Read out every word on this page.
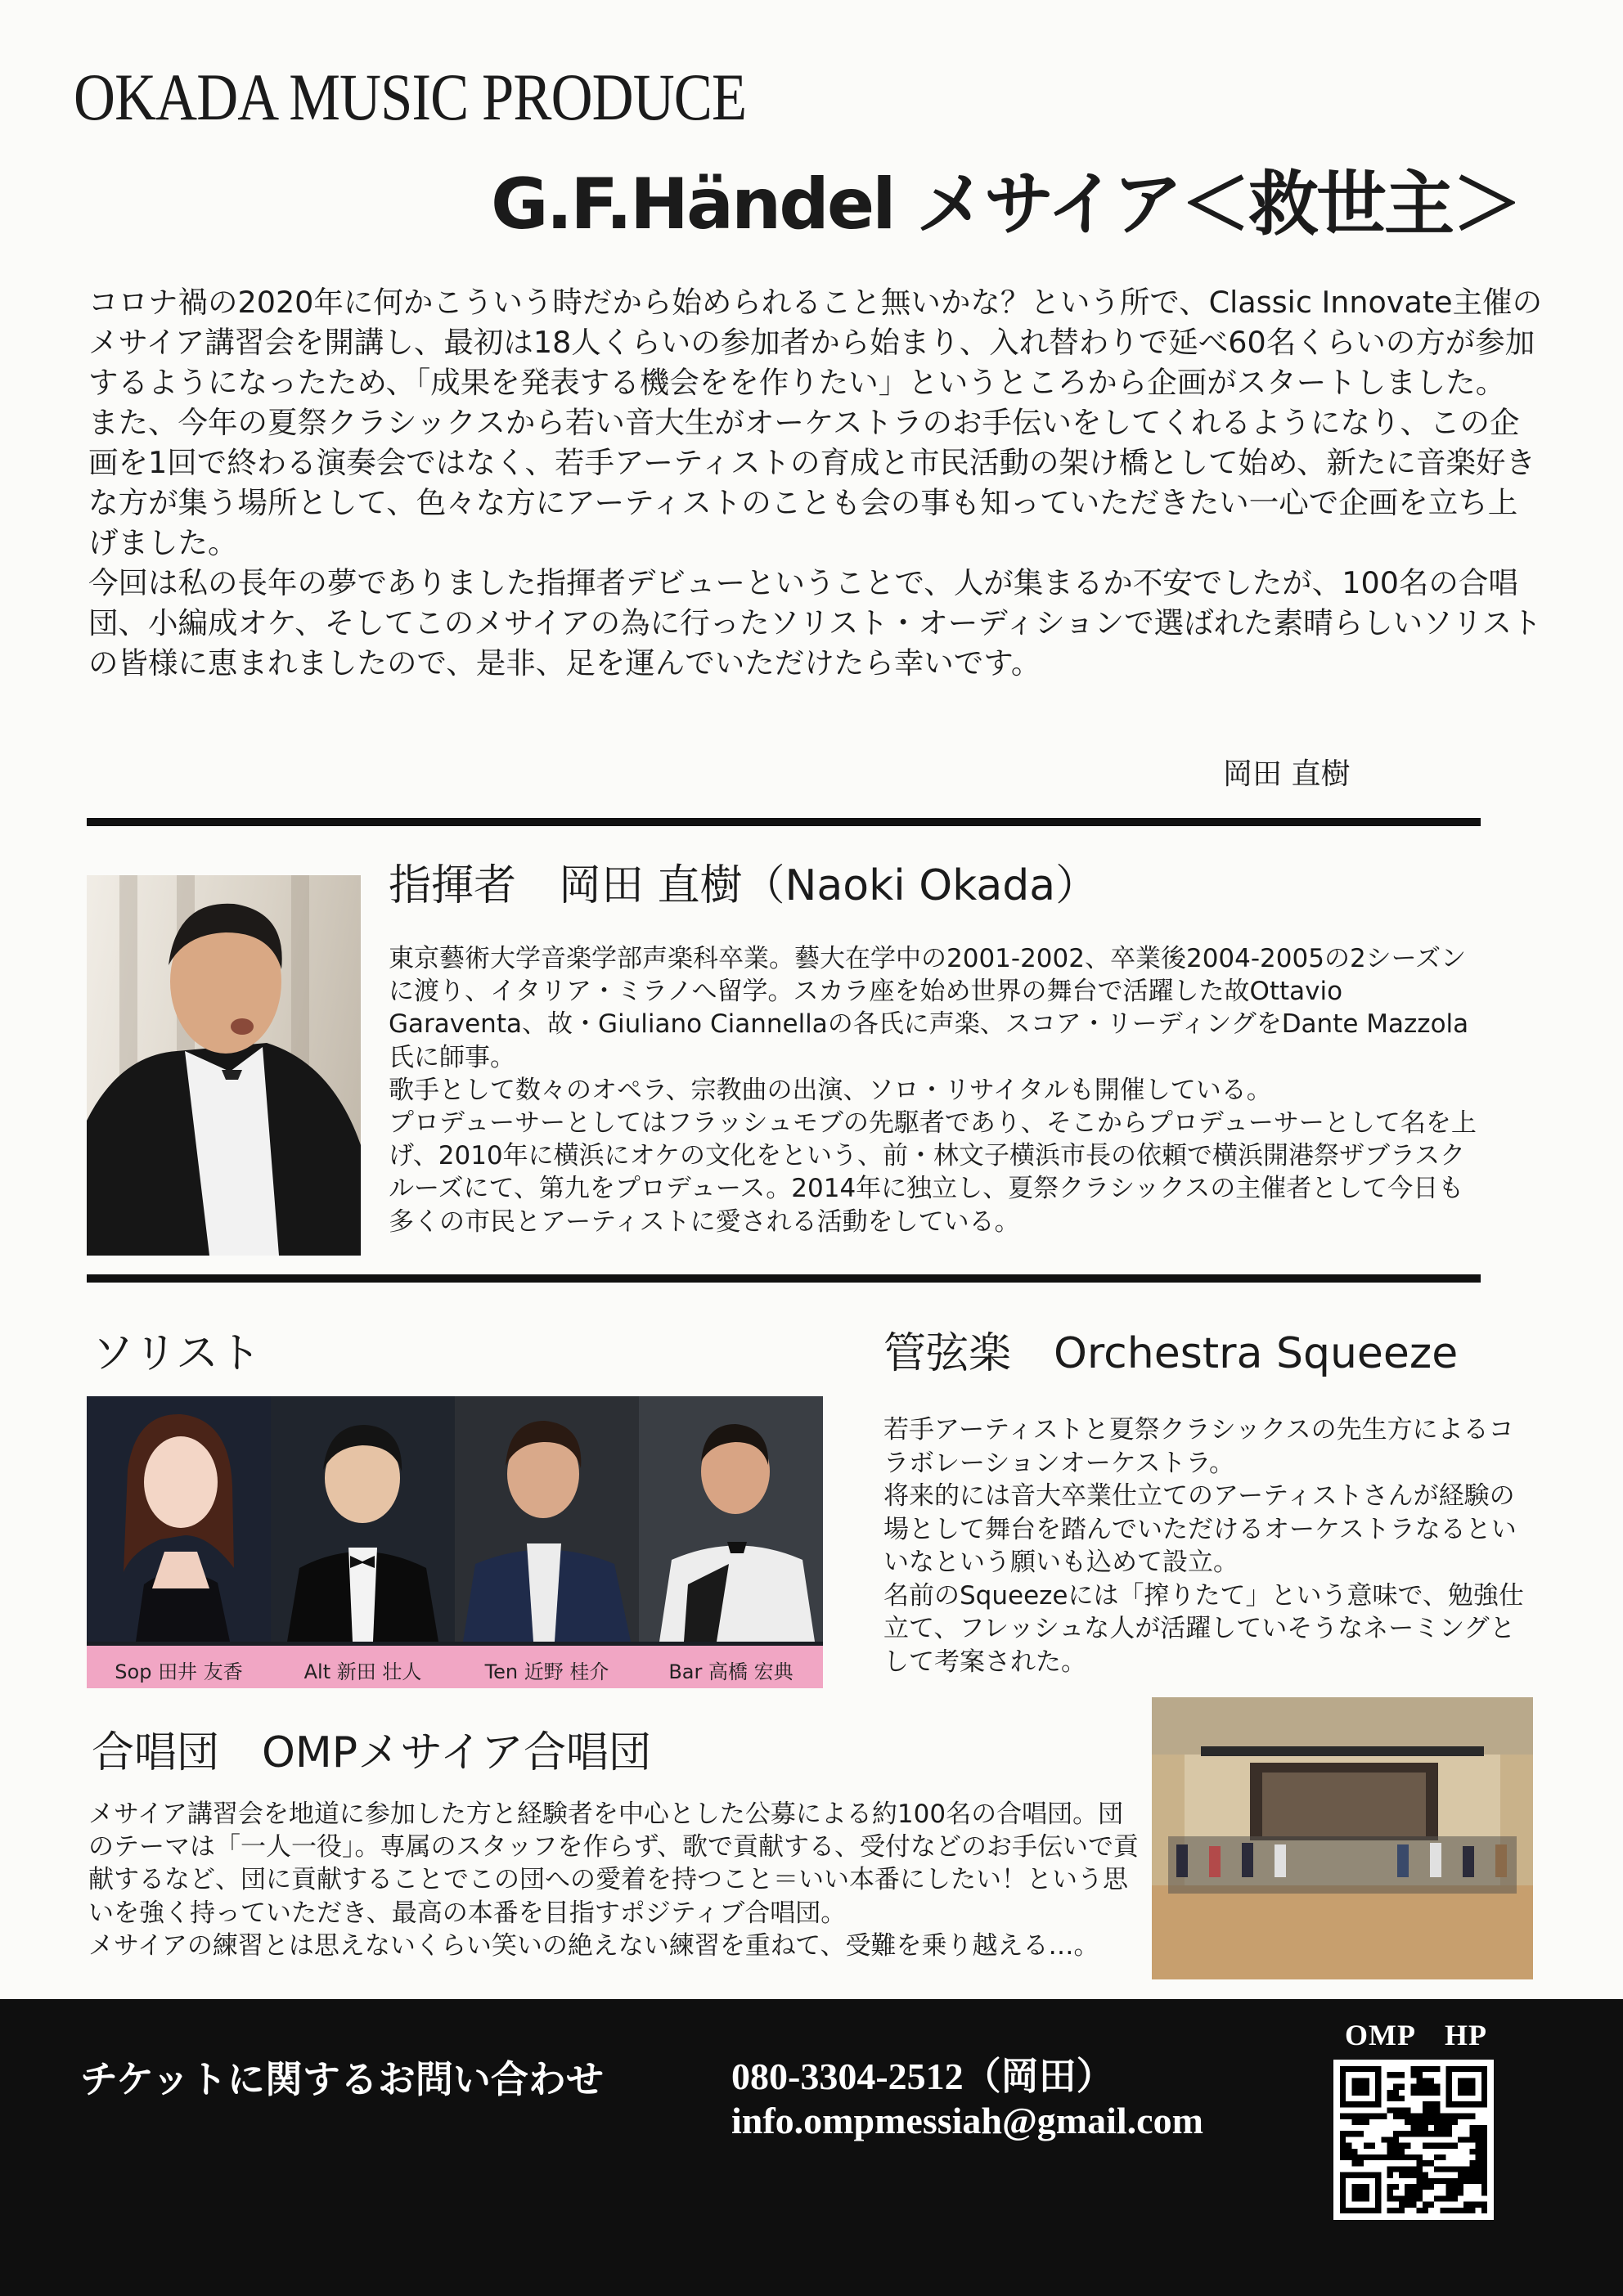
OKADA MUSIC PRODUCE
G.F.Händel メサイア＜救世主＞

コロナ禍の2020年に何かこういう時だから始められること無いかな？という所で、Classic Innovate主催のメサイア講習会を開講し、最初は18人くらいの参加者から始まり、入れ替わりで延べ60名くらいの方が参加するようになったため、「成果を発表する機会をを作りたい」というところから企画がスタートしました。

また、今年の夏祭クラシックスから若い音大生がオーケストラのお手伝いをしてくれるようになり、この企画を1回で終わる演奏会ではなく、若手アーティストの育成と市民活動の架け橋として始め、新たに音楽好きな方が集う場所として、色々な方にアーティストのことも会の事も知っていただきたい一心で企画を立ち上げました。

今回は私の長年の夢でありました指揮者デビューということで、人が集まるか不安でしたが、100名の合唱団、小編成オケ、そしてこのメサイアの為に行ったソリスト・オーディションで選ばれた素晴らしいソリストの皆様に恵まれましたので、是非、足を運んでいただけたら幸いです。

岡田 直樹
指揮者　岡田 直樹（Naoki Okada）

東京藝術大学音楽学部声楽科卒業。藝大在学中の2001-2002、卒業後2004-2005の2シーズンに渡り、イタリア・ミラノへ留学。スカラ座を始め世界の舞台で活躍した故Ottavio Garaventa、故・Giuliano Ciannellaの各氏に声楽、スコア・リーディングをDante Mazzola氏に師事。

歌手として数々のオペラ、宗教曲の出演、ソロ・リサイタルも開催している。

プロデューサーとしてはフラッシュモブの先駆者であり、そこからプロデューサーとして名を上げ、2010年に横浜にオケの文化をという、前・林文子横浜市長の依頼で横浜開港祭ザブラスクルーズにて、第九をプロデュース。2014年に独立し、夏祭クラシックスの主催者として今日も多くの市民とアーティストに愛される活動をしている。

ソリスト
Sop 田井 友香	Alt 新田 壮人	Ten 近野 桂介	Bar 高橋 宏典
管弦楽　Orchestra Squeeze

若手アーティストと夏祭クラシックスの先生方によるコラボレーションオーケストラ。

将来的には音大卒業仕立てのアーティストさんが経験の場として舞台を踏んでいただけるオーケストラなるといいなという願いも込めて設立。

名前のSqueezeには「搾りたて」という意味で、勉強仕立て、フレッシュな人が活躍していそうなネーミングとして考案された。

合唱団　OMPメサイア合唱団

メサイア講習会を地道に参加した方と経験者を中心とした公募による約100名の合唱団。団のテーマは「一人一役」。専属のスタッフを作らず、歌で貢献する、受付などのお手伝いで貢献するなど、団に貢献することでこの団への愛着を持つこと＝いい本番にしたい！という思いを強く持っていただき、最高の本番を目指すポジティブ合唱団。

メサイアの練習とは思えないくらい笑いの絶えない練習を重ねて、受難を乗り越える…。

チケットに関するお問い合わせ	080-3304-2512（岡田）
info.ompmessiah@gmail.com
OMP　HP
